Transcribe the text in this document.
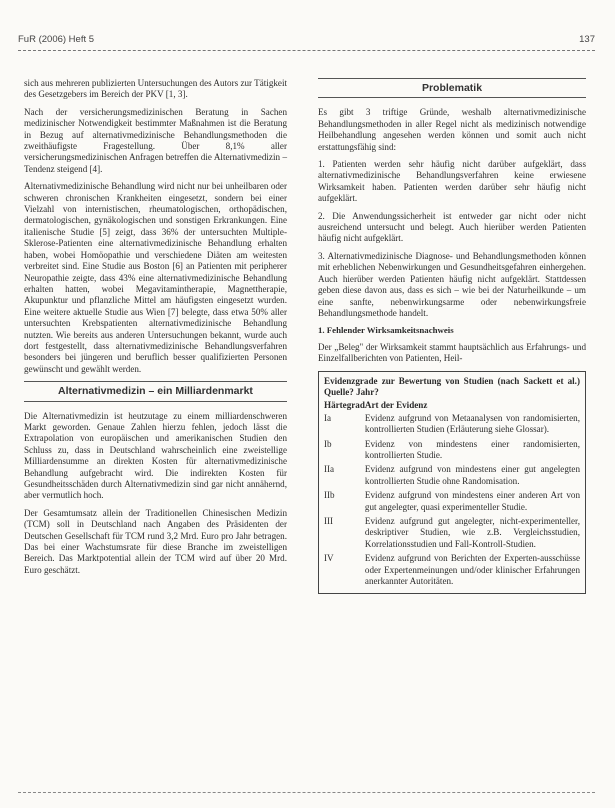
FuR (2006) Heft 5	137

sich aus mehreren publizierten Untersuchungen des Autors zur Tätigkeit des Gesetzgebers im Bereich der PKV [1, 3].

Nach der versicherungsmedizinischen Beratung in Sachen medizinischer Notwendigkeit bestimmter Maßnahmen ist die Beratung in Bezug auf alternativmedizinische Behandlungsmethoden die zweithäufigste Fragestellung. Über 8,1% aller versicherungsmedizinischen Anfragen betreffen die Alternativmedizin – Tendenz steigend [4].

Alternativmedizinische Behandlung wird nicht nur bei unheilbaren oder schweren chronischen Krankheiten eingesetzt, sondern bei einer Vielzahl von internistischen, rheumatologischen, orthopädischen, dermatologischen, gynäkologischen und sonstigen Erkrankungen. Eine italienische Studie [5] zeigt, dass 36% der untersuchten Multiple-Sklerose-Patienten eine alternativmedizinische Behandlung erhalten haben, wobei Homöopathie und verschiedene Diäten am weitesten verbreitet sind. Eine Studie aus Boston [6] an Patienten mit peripherer Neuropathie zeigte, dass 43% eine alternativmedizinische Behandlung erhalten hatten, wobei Megavitamintherapie, Magnettherapie, Akupunktur und pflanzliche Mittel am häufigsten eingesetzt wurden. Eine weitere aktuelle Studie aus Wien [7] belegte, dass etwa 50% aller untersuchten Krebspatienten alternativmedizinische Behandlung nutzten. Wie bereits aus anderen Untersuchungen bekannt, wurde auch dort festgestellt, dass alternativmedizinische Behandlungsverfahren besonders bei jüngeren und beruflich besser qualifizierten Personen gewünscht und gewählt werden.

Alternativmedizin – ein Milliardenmarkt

Die Alternativmedizin ist heutzutage zu einem milliardenschweren Markt geworden. Genaue Zahlen hierzu fehlen, jedoch lässt die Extrapolation von europäischen und amerikanischen Studien den Schluss zu, dass in Deutschland wahrscheinlich eine zweistellige Milliardensumme an direkten Kosten für alternativmedizinische Behandlung aufgebracht wird. Die indirekten Kosten für Gesundheitsschäden durch Alternativmedizin sind gar nicht annähernd, aber vermutlich hoch.

Der Gesamtumsatz allein der Traditionellen Chinesischen Medizin (TCM) soll in Deutschland nach Angaben des Präsidenten der Deutschen Gesellschaft für TCM rund 3,2 Mrd. Euro pro Jahr betragen. Das bei einer Wachstumsrate für diese Branche im zweistelligen Bereich. Das Marktpotential allein der TCM wird auf über 20 Mrd. Euro geschätzt.

Problematik

Es gibt 3 triftige Gründe, weshalb alternativmedizinische Behandlungsmethoden in aller Regel nicht als medizinisch notwendige Heilbehandlung angesehen werden können und somit auch nicht erstattungsfähig sind:

1. Patienten werden sehr häufig nicht darüber aufgeklärt, dass alternativmedizinische Behandlungsverfahren keine erwiesene Wirksamkeit haben. Patienten werden darüber sehr häufig nicht aufgeklärt.

2. Die Anwendungssicherheit ist entweder gar nicht oder nicht ausreichend untersucht und belegt. Auch hierüber werden Patienten häufig nicht aufgeklärt.

3. Alternativmedizinische Diagnose- und Behandlungsmethoden können mit erheblichen Nebenwirkungen und Gesundheitsgefahren einhergehen. Auch hierüber werden Patienten häufig nicht aufgeklärt. Stattdessen geben diese davon aus, dass es sich – wie bei der Naturheilkunde – um eine sanfte, nebenwirkungsarme oder nebenwirkungsfreie Behandlungsmethode handelt.

1. Fehlender Wirksamkeitsnachweis

Der „Beleg" der Wirksamkeit stammt hauptsächlich aus Erfahrungs- und Einzelfallberichten von Patienten, Heil-

Evidenzgrade zur Bewertung von Studien (nach Sackett et al.) Quelle? Jahr?
Härtegrad	Art der Evidenz
Ia	Evidenz aufgrund von Metaanalysen von randomisierten, kontrollierten Studien (Erläuterung siehe Glossar).
Ib	Evidenz von mindestens einer randomisierten, kontrollierten Studie.
IIa	Evidenz aufgrund von mindestens einer gut angelegten kontrollierten Studie ohne Randomisation.
IIb	Evidenz aufgrund von mindestens einer anderen Art von gut angelegter, quasi experimenteller Studie.
III	Evidenz aufgrund gut angelegter, nicht-experimenteller, deskriptiver Studien, wie z.B. Vergleichsstudien, Korrelationsstudien und Fall-Kontroll-Studien.
IV	Evidenz aufgrund von Berichten der Experten-ausschüsse oder Expertenmeinungen und/oder klinischer Erfahrungen anerkannter Autoritäten.
